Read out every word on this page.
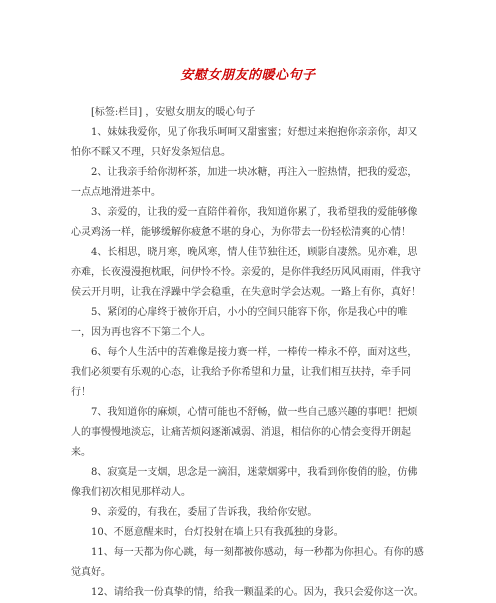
安慰女朋友的暖心句子

[标签:栏目] ，安慰女朋友的暖心句子

1、妹妹我爱你，见了你我乐呵呵又甜蜜蜜；好想过来抱抱你亲亲你，却又怕你不睬又不理，只好发条短信息。

2、让我亲手给你沏杯茶，加进一块冰糖，再注入一腔热情，把我的爱恋，一点点地滑进茶中。

3、亲爱的，让我的爱一直陪伴着你，我知道你累了，我希望我的爱能够像心灵鸡汤一样，能够缓解你疲惫不堪的身心，为你带去一份轻松清爽的心情！

4、长相思，晓月寒，晚风寒，情人佳节独往还，顾影自凄然。见亦难，思亦难，长夜漫漫抱枕眠，问伊怜不怜。亲爱的，是你伴我经历风风雨雨，伴我守侯云开月明，让我在浮躁中学会稳重，在失意时学会达观。一路上有你，真好！

5、紧闭的心扉终于被你开启，小小的空间只能容下你，你是我心中的唯一，因为再也容不下第二个人。

6、每个人生活中的苦难像是接力赛一样，一棒传一棒永不停，面对这些，我们必须要有乐观的心态，让我给予你希望和力量，让我们相互扶持，牵手同行！

7、我知道你的麻烦，心情可能也不舒畅，做一些自己感兴趣的事吧！把烦人的事慢慢地淡忘，让痛苦烦闷逐渐减弱、消退，相信你的心情会变得开朗起来。

8、寂寞是一支烟，思念是一滴泪，迷蒙烟雾中，我看到你俊俏的脸，仿佛像我们初次相见那样动人。

9、亲爱的，有我在，委屈了告诉我，我给你安慰。

10、不愿意醒来时，台灯投射在墙上只有我孤独的身影。

11、每一天都为你心跳，每一刻都被你感动，每一秒都为你担心。有你的感觉真好。

12、请给我一份真挚的情，给我一颗温柔的心。因为，我只会爱你这一次。
